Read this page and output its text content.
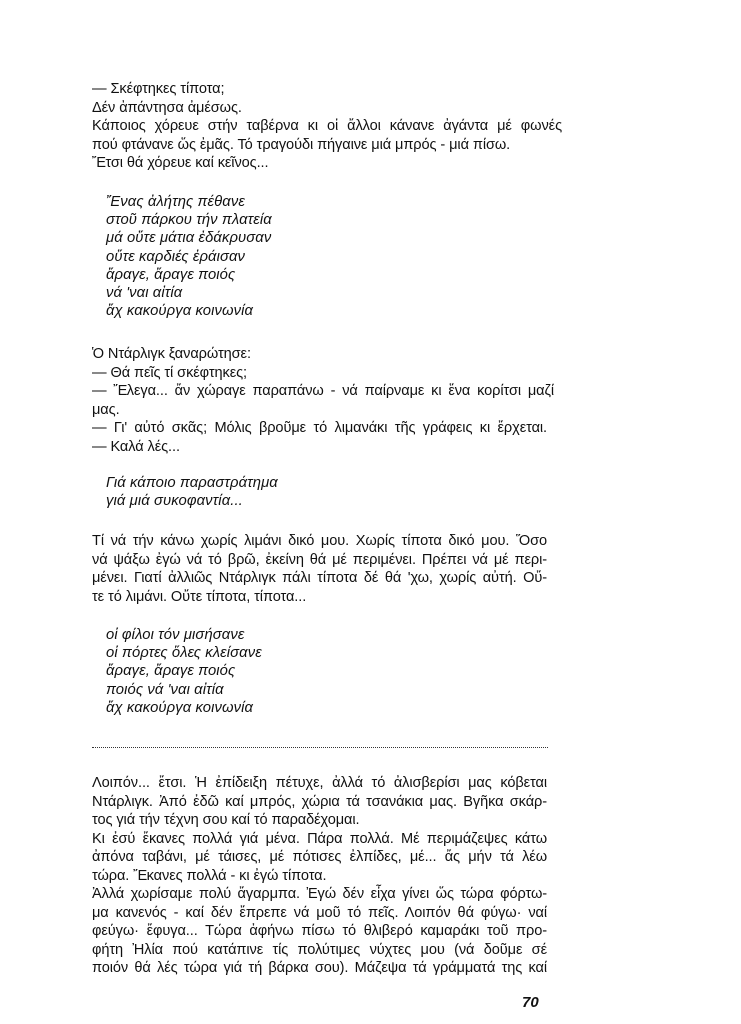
— Σκέφτηκες τίποτα;
Δέν ἀπάντησα ἀμέσως.
Κάποιος χόρευε στήν ταβέρνα κι οἱ ἄλλοι κάνανε ἀγάντα μέ φωνές
πού φτάνανε ὥς ἐμᾶς. Τό τραγούδι πήγαινε μιά μπρός - μιά πίσω.
Ἔτσι θά χόρευε καί κεῖνος...
Ἔνας ἀλήτης πέθανε
στοῦ πάρκου τήν πλατεία
μά οὔτε μάτια ἐδάκρυσαν
οὔτε καρδιές ἐράισαν
ἄραγε, ἄραγε ποιός
νά 'ναι αἰτία
ἄχ κακούργα κοινωνία
Ὁ Ντάρλιγκ ξαναρώτησε:
— Θά πεῖς τί σκέφτηκες;
— Ἔλεγα... ἄν χώραγε παραπάνω - νά παίρναμε κι ἕνα κορίτσι μαζί
μας.
— Γι' αὐτό σκᾶς; Μόλις βροῦμε τό λιμανάκι τῆς γράφεις κι ἔρχεται.
— Καλά λές...
Γιά κάποιο παραστράτημα
γιά μιά συκοφαντία...
Τί νά τήν κάνω χωρίς λιμάνι δικό μου. Χωρίς τίποτα δικό μου. Ὅσο
νά ψάξω ἐγώ νά τό βρῶ, ἐκείνη θά μέ περιμένει. Πρέπει νά μέ περι-
μένει. Γιατί ἀλλιῶς Ντάρλιγκ πάλι τίποτα δέ θά 'χω, χωρίς αὐτή. Οὔ-
τε τό λιμάνι. Οὔτε τίποτα, τίποτα...
οἱ φίλοι τόν μισήσανε
οἱ πόρτες ὅλες κλείσανε
ἄραγε, ἄραγε ποιός
ποιός νά 'ναι αἰτία
ἄχ κακούργα κοινωνία
Λοιπόν... ἔτσι. Ἡ ἐπίδειξη πέτυχε, ἀλλά τό ἀλισβερίσι μας κόβεται
Ντάρλιγκ. Ἀπό ἐδῶ καί μπρός, χώρια τά τσανάκια μας. Βγῆκα σκάρ-
τος γιά τήν τέχνη σου καί τό παραδέχομαι.
Κι ἐσύ ἔκανες πολλά γιά μένα. Πάρα πολλά. Μέ περιμάζεψες κάτω
ἀπόνα ταβάνι, μέ τάισες, μέ πότισες ἐλπίδες, μέ... ἄς μήν τά λέω
τώρα. Ἔκανες πολλά - κι ἐγώ τίποτα.
Ἀλλά χωρίσαμε πολύ ἄγαρμπα. Ἐγώ δέν εἶχα γίνει ὥς τώρα φόρτω-
μα κανενός - καί δέν ἔπρεπε νά μοῦ τό πεῖς. Λοιπόν θά φύγω· ναί
φεύγω· ἔφυγα... Τώρα ἀφήνω πίσω τό θλιβερό καμαράκι τοῦ προ-
φήτη Ἠλία πού κατάπινε τίς πολύτιμες νύχτες μου (νά δοῦμε σέ
ποιόν θά λές τώρα γιά τή βάρκα σου). Μάζεψα τά γράμματά της καί
70
